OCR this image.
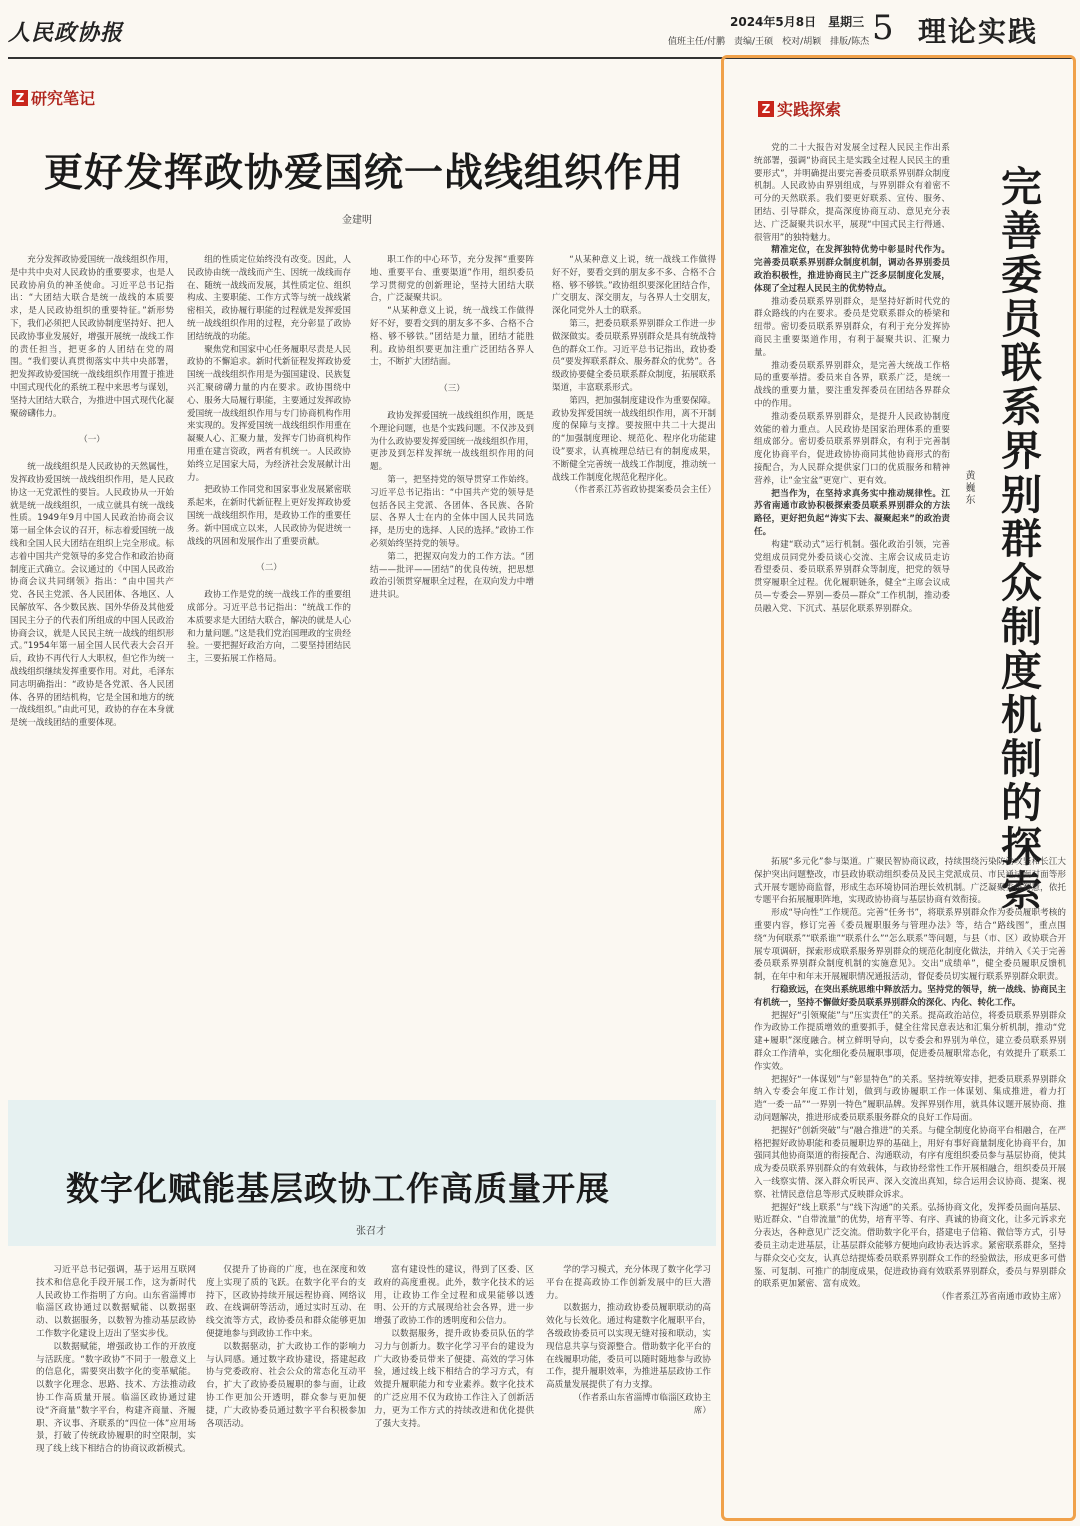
人民政协报	2024年5月8日　 星期三
值班主任/付鹏　责编/王硕　校对/胡颖　排版/陈杰 5 理论实践
Z 研究笔记
更好发挥政协爱国统一战线组织作用
金建明

充分发挥政协爱国统一战线组织作用，是中共中央对人民政协的重要要求，也是人民政协肩负的神圣使命。习近平总书记指出：“大团结大联合是统一战线的本质要求，是人民政协组织的重要特征。”新形势下，我们必须把人民政协制度坚持好、把人民政协事业发展好，增强开展统一战线工作的责任担当，把更多的人团结在党的周围。“我们要认真贯彻落实中共中央部署，把发挥政协爱国统一战线组织作用置于推进中国式现代化的系统工程中来思考与谋划，坚持大团结大联合，为推进中国式现代化凝聚磅礴伟力。

（一）

统一战线组织是人民政协的天然属性，发挥政协爱国统一战线组织作用，是人民政协这一无党派性的要旨。人民政协从一开始就是统一战线组织，一成立就具有统一战线性质。1949年9月中国人民政治协商会议第一届全体会议的召开，标志着爱国统一战线和全国人民大团结在组织上完全形成。标志着中国共产党领导的多党合作和政治协商制度正式确立。会议通过的《中国人民政治协商会议共同纲领》指出：“由中国共产党、各民主党派、各人民团体、各地区、人民解放军、各少数民族、国外华侨及其他爱国民主分子的代表们所组成的中国人民政治协商会议，就是人民民主统一战线的组织形式。”1954年第一届全国人民代表大会召开后，政协不再代行人大职权，但它作为统一战线组织继续发挥重要作用。对此，毛泽东同志明确指出：“政协是各党派、各人民团体、各界的团结机构，它是全国和地方的统一战线组织。”由此可见，政协的存在本身就是统一战线团结的重要体现。

组的性质定位始终没有改变。因此，人民政协由统一战线而产生、因统一战线而存在、随统一战线而发展，其性质定位、组织构成、主要职能、工作方式等与统一战线紧密相关，政协履行职能的过程就是发挥爱国统一战线组织作用的过程，充分彰显了政协团结统战的功能。

聚焦党和国家中心任务履职尽责是人民政协的不懈追求。新时代新征程发挥政协爱国统一战线组织作用是为强国建设、民族复兴汇聚磅礴力量的内在要求。政协围绕中心、服务大局履行职能，主要通过发挥政协爱国统一战线组织作用与专门协商机构作用来实现的。发挥爱国统一战线组织作用重在凝聚人心、汇聚力量，发挥专门协商机构作用重在建言资政，两者有机统一。人民政协始终立足国家大局，为经济社会发展献计出力。

把政协工作同党和国家事业发展紧密联系起来，在新时代新征程上更好发挥政协爱国统一战线组织作用，是政协工作的重要任务。新中国成立以来，人民政协为促进统一战线的巩固和发展作出了重要贡献。

（二）

政协工作是党的统一战线工作的重要组成部分。习近平总书记指出：“统战工作的本质要求是大团结大联合，解决的就是人心和力量问题。”这是我们党治国理政的宝贵经验。一要把握好政治方向，二要坚持团结民主，三要拓展工作格局。

职工作的中心环节，充分发挥“重要阵地、重要平台、重要渠道”作用，组织委员学习贯彻党的创新理论，坚持大团结大联合，广泛凝聚共识。

“从某种意义上说，统一战线工作做得好不好，要看交到的朋友多不多、合格不合格、够不够铁。”团结是力量，团结才能胜利。政协组织要更加注重广泛团结各界人士，不断扩大团结面。

（三）

政协发挥爱国统一战线组织作用，既是个理论问题，也是个实践问题。不仅涉及到为什么政协要发挥爱国统一战线组织作用，更涉及到怎样发挥统一战线组织作用的问题。

第一，把坚持党的领导贯穿工作始终。习近平总书记指出：“中国共产党的领导是包括各民主党派、各团体、各民族、各阶层、各界人士在内的全体中国人民共同选择，是历史的选择、人民的选择。”政协工作必须始终坚持党的领导。

第二，把握双向发力的工作方法。“团结——批评——团结”的优良传统，把思想政治引领贯穿履职全过程，在双向发力中增进共识。

“从某种意义上说，统一战线工作做得好不好，要看交到的朋友多不多、合格不合格、够不够铁。”政协组织要深化团结合作，广交朋友、深交朋友，与各界人士交朋友，深化同党外人士的联系。

第三，把委员联系界别群众工作进一步做深做实。委员联系界别群众是具有统战特色的群众工作。习近平总书记指出，政协委员“要发挥联系群众、服务群众的优势”。各级政协要健全委员联系群众制度，拓展联系渠道，丰富联系形式。

第四，把加强制度建设作为重要保障。政协发挥爱国统一战线组织作用，离不开制度的保障与支撑。要按照中共二十大提出的“加强制度理论、规范化、程序化功能建设”要求，认真梳理总结已有的制度成果，不断健全完善统一战线工作制度，推动统一战线工作制度化规范化程序化。

（作者系江苏省政协提案委员会主任）

数字化赋能基层政协工作高质量开展
张召才

习近平总书记强调，基于运用互联网技术和信息化手段开展工作，这为新时代人民政协工作指明了方向。山东省淄博市临淄区政协通过以数据赋能、以数据驱动、以数据服务，以数智为推动基层政协工作数字化建设上迈出了坚实步伐。

以数据赋能，增强政协工作的开放度与活跃度。“数字政协”不同于一般意义上的信息化，需要突出数字化的变革赋能。以数字化理念、思路、技术、方法推动政协工作高质量开展。临淄区政协通过建设“齐商量”数字平台，构建齐商量、齐履职、齐议事、齐联系的“四位一体”应用场景，打破了传统政协履职的时空限制，实现了线上线下相结合的协商议政新模式。

仅提升了协商的广度，也在深度和效度上实现了质的飞跃。在数字化平台的支持下，区政协持续开展远程协商、网络议政、在线调研等活动，通过实时互动、在线交流等方式，政协委员和群众能够更加便捷地参与到政协工作中来。

以数据驱动，扩大政协工作的影响力与认同感。通过数字政协建设，搭建起政协与党委政府、社会公众的常态化互动平台，扩大了政协委员履职的参与面，让政协工作更加公开透明，群众参与更加便捷，广大政协委员通过数字平台积极参加各项活动。

富有建设性的建议，得到了区委、区政府的高度重视。此外，数字化技术的运用，让政协工作全过程和成果能够以透明、公开的方式展现给社会各界，进一步增强了政协工作的透明度和公信力。

以数据服务，提升政协委员队伍的学习力与创新力。数字化学习平台的建设为广大政协委员带来了便捷、高效的学习体验，通过线上线下相结合的学习方式，有效提升履职能力和专业素养。数字化技术的广泛应用不仅为政协工作注入了创新活力，更为工作方式的持续改进和优化提供了强大支持。

学的学习模式，充分体现了数字化学习平台在提高政协工作创新发展中的巨大潜力。

以数据力，推动政协委员履职联动的高效化与长效化。通过构建数字化履职平台，各级政协委员可以实现无缝对接和联动，实现信息共享与资源整合。借助数字化平台的在线履职功能，委员可以随时随地参与政协工作，提升履职效率，为推进基层政协工作高质量发展提供了有力支撑。

（作者系山东省淄博市临淄区政协主席）

Z 实践探索
完善委员联系界别群众制度机制的探索
黄巍东

党的二十大报告对发展全过程人民民主作出系统部署，强调“协商民主是实践全过程人民民主的重要形式”，并明确提出要完善委员联系界别群众制度机制。人民政协由界别组成，与界别群众有着密不可分的天然联系。我们要更好联系、宣传、服务、团结、引导群众，提高深度协商互动、意见充分表达、广泛凝聚共识水平，展现“中国式民主行得通、很管用”的独特魅力。

精准定位，在发挥独特优势中彰显时代作为。完善委员联系界别群众制度机制，调动各界别委员政治积极性，推进协商民主广泛多层制度化发展，体现了全过程人民民主的优势特点。

推动委员联系界别群众，是坚持好新时代党的群众路线的内在要求。委员是党联系群众的桥梁和纽带。密切委员联系界别群众，有利于充分发挥协商民主重要渠道作用，有利于凝聚共识、汇聚力量。

推动委员联系界别群众，是完善大统战工作格局的重要举措。委员来自各界，联系广泛，是统一战线的重要力量，要注重发挥委员在团结各界群众中的作用。

推动委员联系界别群众，是提升人民政协制度效能的着力重点。人民政协是国家治理体系的重要组成部分。密切委员联系界别群众，有利于完善制度化协商平台，促进政协协商同其他协商形式的衔接配合，为人民群众提供家门口的优质服务和精神营养，让“金宝盆”更宽广、更有效。

把当作为，在坚持求真务实中推动规律性。江苏省南通市政协积极探索委员联系界别群众的方法路径，更好把负起“涛实下去、凝聚起来”的政治责任。

构建“联动式”运行机制。强化政治引领，完善党组成员同党外委员谈心交流、主席会议成员走访看望委员、委员联系界别群众等制度，把党的领导贯穿履职全过程。优化履职链条，健全“主席会议成员—专委会—界别—委员—群众”工作机制，推动委员融入党、下沉式、基层化联系界别群众。

拓展“多元化”参与渠道。广聚民智协商议政，持续围绕污染防治攻坚和长江大保护突出问题整改，市县政协联动组织委员及民主党派成员、市民通过面对面等形式开展专题协商监督，形成生态环境协同治理长效机制。广泛凝聚委员智慧，依托专题平台拓展履职阵地，实现政协协商与基层协商有效衔接。

形成“导向性”工作规范。完善“任务书”，将联系界别群众作为委员履职考核的重要内容，修订完善《委员履职服务与管理办法》等，结合“路线图”，重点围绕“为何联系”“联系谁”“联系什么”“怎么联系”等问题，与县（市、区）政协联合开展专项调研，探索形成联系服务界别群众的规范化制度化做法，并纳入《关于完善委员联系界别群众制度机制的实施意见》。交出“成绩单”，健全委员履职反馈机制，在年中和年末开展履职情况通报活动，督促委员切实履行联系界别群众职责。

行稳致远，在突出系统思维中释放活力。坚持党的领导，统一战线、协商民主有机统一，坚持不懈做好委员联系界别群众的深化、内化、转化工作。

把握好“引领聚能”与“压实责任”的关系。提高政治站位，将委员联系界别群众作为政协工作提质增效的重要抓手，健全往常民意表达和汇集分析机制，推动“党建+履职”深度融合。树立鲜明导向，以专委会和界别为单位，建立委员联系界别群众工作清单，实化细化委员履职事项，促进委员履职常态化，有效提升了联系工作实效。

把握好“一体谋划”与“彰显特色”的关系。坚持统筹安排，把委员联系界别群众纳入专委会年度工作计划，做到与政协履职工作一体谋划、集成推进，着力打造“一委一品”“一界别一特色”履职品牌。发挥界别作用，就具体议题开展协商、推动问题解决，推进形成委员联系服务群众的良好工作局面。

把握好“创新突破”与“融合推进”的关系。与健全制度化协商平台相融合，在严格把握好政协职能和委员履职边界的基础上，用好有事好商量制度化协商平台，加强同其他协商渠道的衔接配合、沟通联动，有序有度组织委员参与基层协商，使其成为委员联系界别群众的有效载体，与政协经常性工作开展相融合，组织委员开展入一线察实情、深入群众听民声、深入交流出真知，综合运用会议协商、提案、视察、社情民意信息等形式反映群众诉求。

把握好“线上联系”与“线下沟通”的关系。弘扬协商文化，发挥委员面向基层、贴近群众、“自带流量”的优势，培育平等、有序、真诚的协商文化，让多元诉求充分表达，各种意见广泛交流。借助数字化平台，搭建电子信箱、微信等方式，引导委员主动走进基层，让基层群众能够方便地向政协表达诉求。紧密联系群众，坚持与群众交心交友，认真总结提炼委员联系界别群众工作的经验做法，形成更多可借鉴、可复制、可推广的制度成果，促进政协商有效联系界别群众，委员与界别群众的联系更加紧密、富有成效。

（作者系江苏省南通市政协主席）
